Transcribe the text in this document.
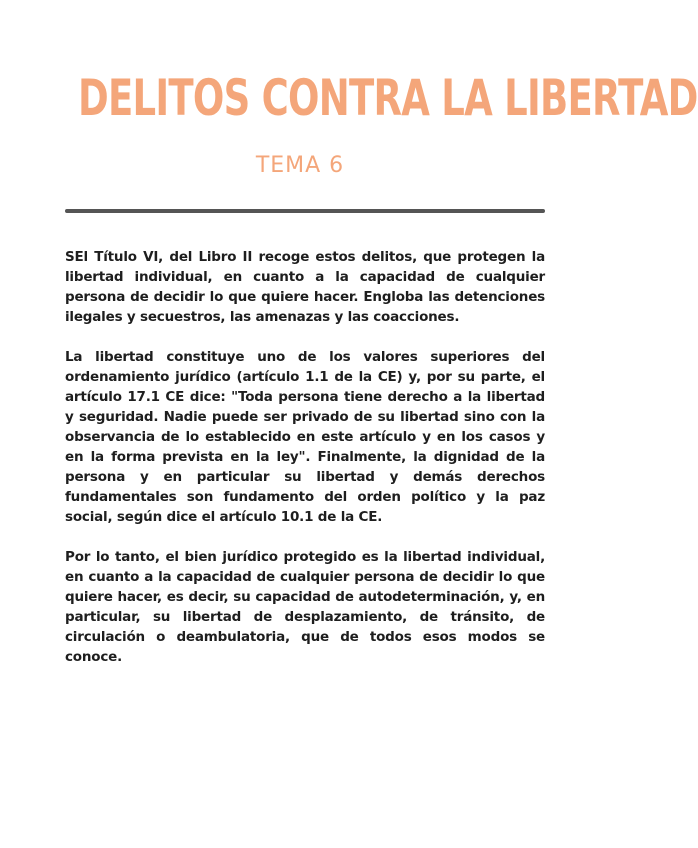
DELITOS CONTRA LA LIBERTAD
TEMA 6

SEl Título VI, del Libro II recoge estos delitos, que protegen la libertad individual, en cuanto a la capacidad de cualquier persona de decidir lo que quiere hacer. Engloba las detenciones ilegales y secuestros, las amenazas y las coacciones.

La libertad constituye uno de los valores superiores del ordenamiento jurídico (artículo 1.1 de la CE) y, por su parte, el artículo 17.1 CE dice: "Toda persona tiene derecho a la libertad y seguridad. Nadie puede ser privado de su libertad sino con la observancia de lo establecido en este artículo y en los casos y en la forma prevista en la ley". Finalmente, la dignidad de la persona y en particular su libertad y demás derechos fundamentales son fundamento del orden político y la paz social, según dice el artículo 10.1 de la CE.

Por lo tanto, el bien jurídico protegido es la libertad individual, en cuanto a la capacidad de cualquier persona de decidir lo que quiere hacer, es decir, su capacidad de autodeterminación, y, en particular, su libertad de desplazamiento, de tránsito, de circulación o deambulatoria, que de todos esos modos se conoce.
